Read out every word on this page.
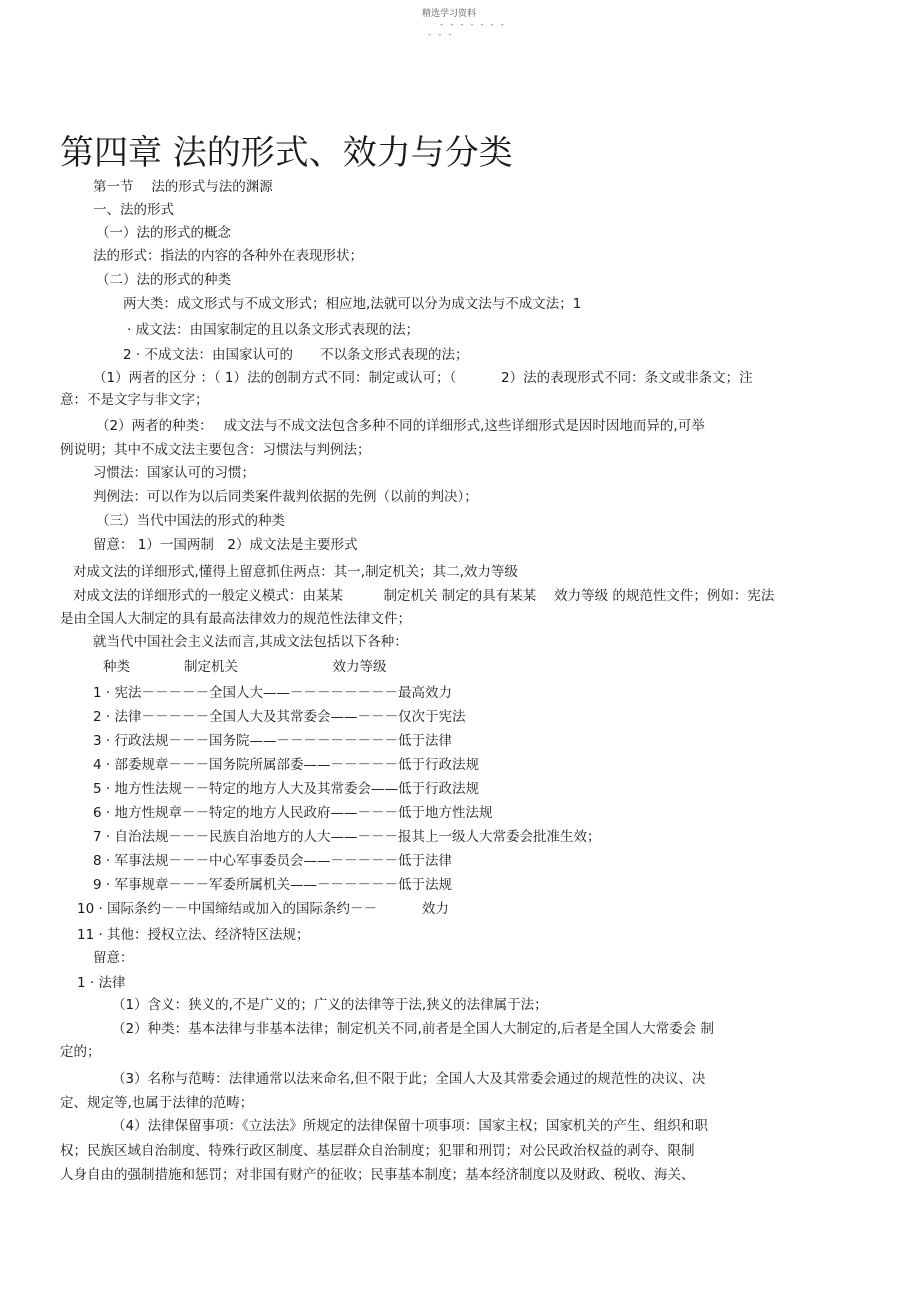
精选学习资料
- - - - - - -
- - -
第四章 法的形式、效力与分类
第一节　 法的形式与法的渊源
一、法的形式
（一）法的形式的概念
法的形式：指法的内容的各种外在表现形状；
（二）法的形式的种类
两大类：成文形式与不成文形式；相应地,法就可以分为成文法与不成文法；1
· 成文法：由国家制定的且以条文形式表现的法；
2 · 不成文法：由国家认可的　　不以条文形式表现的法；
（1）两者的区分 ：（ 1）法的创制方式不同：制定或认可；（　　　 2）法的表现形式不同：条文或非条文；注
意：不是文字与非文字；
（2）两者的种类：　 成文法与不成文法包含多种不同的详细形式,这些详细形式是因时因地而异的,可举
例说明；其中不成文法主要包含：习惯法与判例法；
习惯法：国家认可的习惯；
判例法：可以作为以后同类案件裁判依据的先例（以前的判决）；
（三）当代中国法的形式的种类
留意： 1）一国两制　2）成文法是主要形式
对成文法的详细形式,懂得上留意抓住两点：其一,制定机关；其二,效力等级
对成文法的详细形式的一般定义模式：由某某　　　制定机关 制定的具有某某　 效力等级 的规范性文件；例如：宪法
是由全国人大制定的具有最高法律效力的规范性法律文件；
就当代中国社会主义法而言,其成文法包括以下各种：
种类　　　　制定机关　　　　　　　效力等级
1 · 宪法－－－－－全国人大——－－－－－－－－最高效力
2 · 法律－－－－－全国人大及其常委会——－－－仅次于宪法
3 · 行政法规－－－国务院——－－－－－－－－－低于法律
4 · 部委规章－－－国务院所属部委——－－－－－低于行政法规
5 · 地方性法规－－特定的地方人大及其常委会——低于行政法规
6 · 地方性规章－－特定的地方人民政府——－－－低于地方性法规
7 · 自治法规－－－民族自治地方的人大——－－－报其上一级人大常委会批准生效；
8 · 军事法规－－－中心军事委员会——－－－－－低于法律
9 · 军事规章－－－军委所属机关——－－－－－－低于法规
10 · 国际条约－－中国缔结或加入的国际条约－－　　　 效力
11 · 其他：授权立法、经济特区法规；
留意：
1 · 法律
（1）含义：狭义的,不是广义的；广义的法律等于法,狭义的法律属于法；
（2）种类：基本法律与非基本法律；制定机关不同,前者是全国人大制定的,后者是全国人大常委会 制
定的；
（3）名称与范畴：法律通常以法来命名,但不限于此；全国人大及其常委会通过的规范性的决议、决
定、规定等,也属于法律的范畴；
（4）法律保留事项：《立法法》所规定的法律保留十项事项：国家主权；国家机关的产生、组织和职
权；民族区域自治制度、特殊行政区制度、基层群众自治制度；犯罪和刑罚；对公民政治权益的剥夺、限制
人身自由的强制措施和惩罚；对非国有财产的征收；民事基本制度；基本经济制度以及财政、税收、海关、
